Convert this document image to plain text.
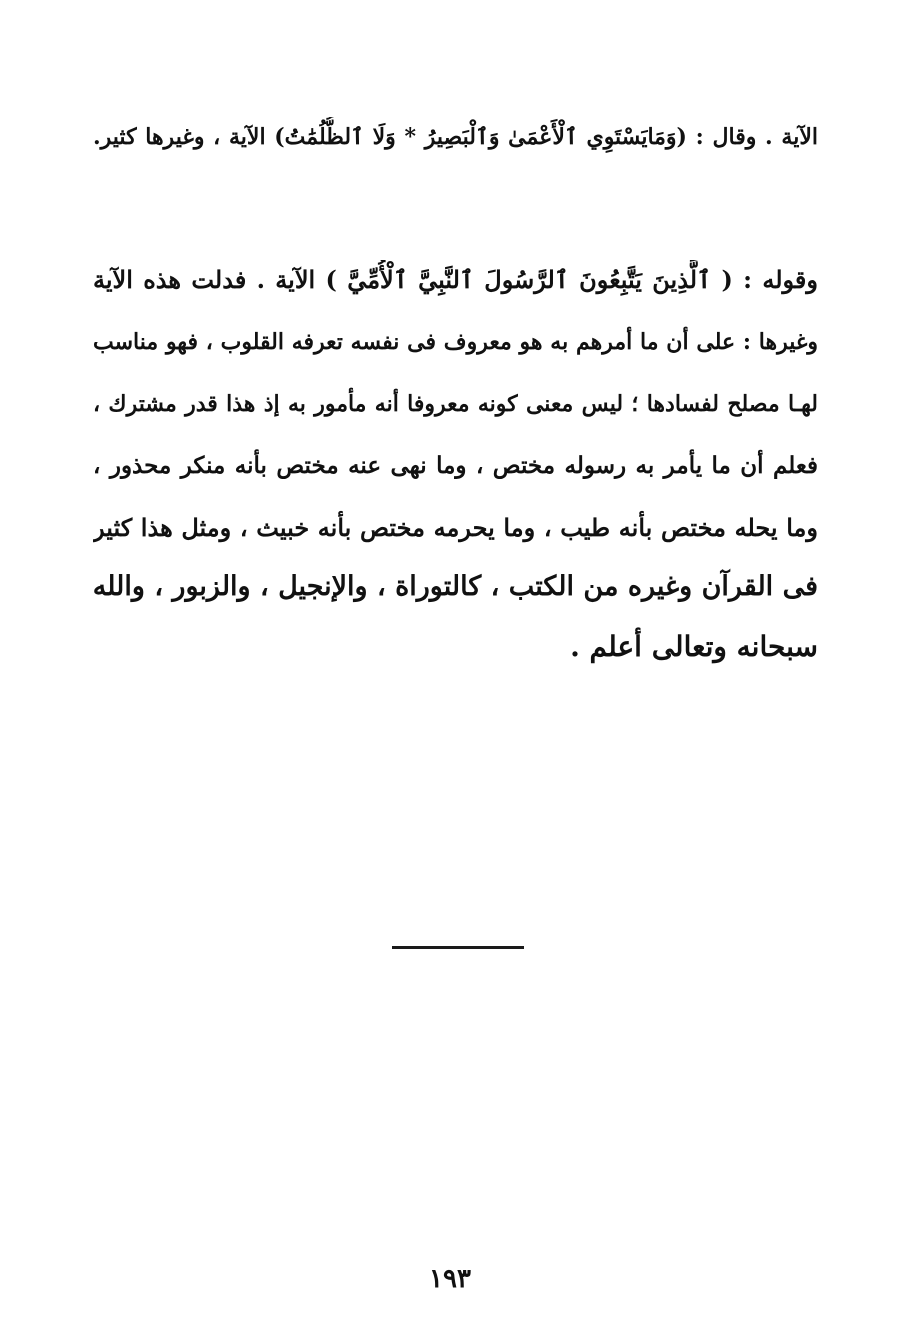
الآية . وقال : (وَمَايَسْتَوِي ٱلْأَعْمَىٰ وَٱلْبَصِيرُ * وَلَا ٱلظُّلُمَٰتُ) الآية ، وغيرها كثير.
وقوله : ( ٱلَّذِينَ يَتَّبِعُونَ ٱلرَّسُولَ ٱلنَّبِيَّ ٱلْأُمِّيَّ ) الآية . فدلت هذه الآية
وغيرها : على أن ما أمرهم به هو معروف فى نفسه تعرفه القلوب ، فهو مناسب
لهـا مصلح لفسادها ؛ ليس معنى كونه معروفا أنه مأمور به إذ هذا قدر مشترك ،
فعلم أن ما يأمر به رسوله مختص ، وما نهى عنه مختص بأنه منكر محذور ،
وما يحله مختص بأنه طيب ، وما يحرمه مختص بأنه خبيث ، ومثل هذا كثير
فى القرآن وغيره من الكتب ، كالتوراة ، والإنجيل ، والزبور ، والله
سبحانه وتعالى أعلم .
١٩٣
